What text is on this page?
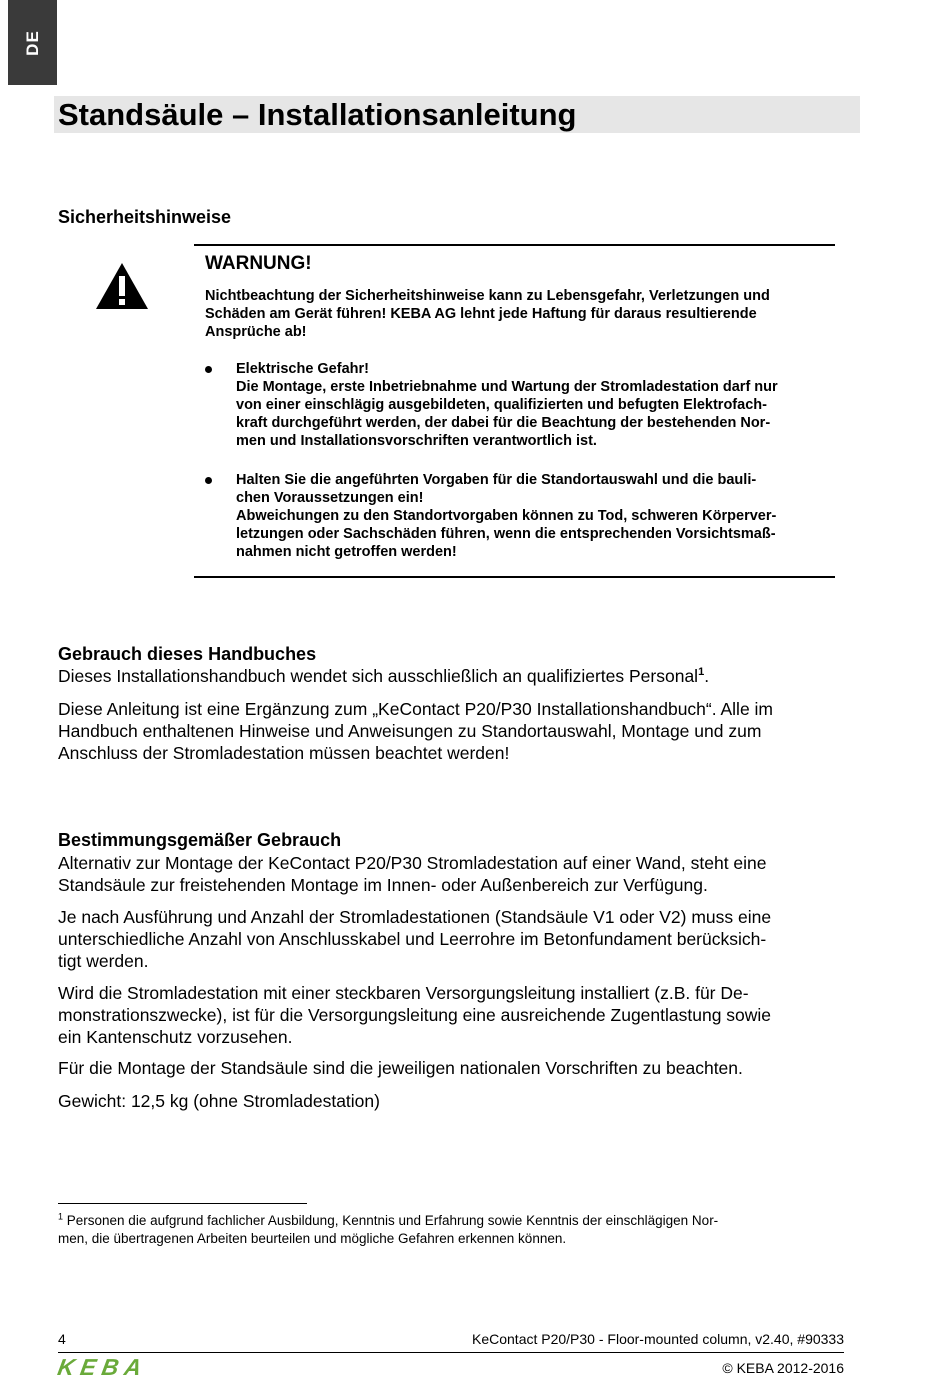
DE
Standsäule – Installationsanleitung

Sicherheitshinweise

WARNUNG!

Nichtbeachtung der Sicherheitshinweise kann zu Lebensgefahr, Verletzungen und
Schäden am Gerät führen! KEBA AG lehnt jede Haftung für daraus resultierende
Ansprüche ab!

Elektrische Gefahr!
Die Montage, erste Inbetriebnahme und Wartung der Stromladestation darf nur
von einer einschlägig ausgebildeten, qualifizierten und befugten Elektrofach-
kraft durchgeführt werden, der dabei für die Beachtung der bestehenden Nor-
men und Installationsvorschriften verantwortlich ist.

Halten Sie die angeführten Vorgaben für die Standortauswahl und die bauli-
chen Voraussetzungen ein!
Abweichungen zu den Standortvorgaben können zu Tod, schweren Körperver-
letzungen oder Sachschäden führen, wenn die entsprechenden Vorsichtsmaß-
nahmen nicht getroffen werden!

Gebrauch dieses Handbuches

Dieses Installationshandbuch wendet sich ausschließlich an qualifiziertes Personal$^1$.

Diese Anleitung ist eine Ergänzung zum „KeContact P20/P30 Installationshandbuch“. Alle im
Handbuch enthaltenen Hinweise und Anweisungen zu Standortauswahl, Montage und zum
Anschluss der Stromladestation müssen beachtet werden!

Bestimmungsgemäßer Gebrauch

Alternativ zur Montage der KeContact P20/P30 Stromladestation auf einer Wand, steht eine
Standsäule zur freistehenden Montage im Innen- oder Außenbereich zur Verfügung.

Je nach Ausführung und Anzahl der Stromladestationen (Standsäule V1 oder V2) muss eine
unterschiedliche Anzahl von Anschlusskabel und Leerrohre im Betonfundament berücksich-
tigt werden.

Wird die Stromladestation mit einer steckbaren Versorgungsleitung installiert (z.B. für De-
monstrationszwecke), ist für die Versorgungsleitung eine ausreichende Zugentlastung sowie
ein Kantenschutz vorzusehen.

Für die Montage der Standsäule sind die jeweiligen nationalen Vorschriften zu beachten.

Gewicht: 12,5 kg (ohne Stromladestation)

$^1$ Personen die aufgrund fachlicher Ausbildung, Kenntnis und Erfahrung sowie Kenntnis der einschlägigen Nor-
men, die übertragenen Arbeiten beurteilen und mögliche Gefahren erkennen können.

4	KeContact P20/P30 - Floor-mounted column, v2.40, #90333
KEBA	© KEBA 2012-2016
